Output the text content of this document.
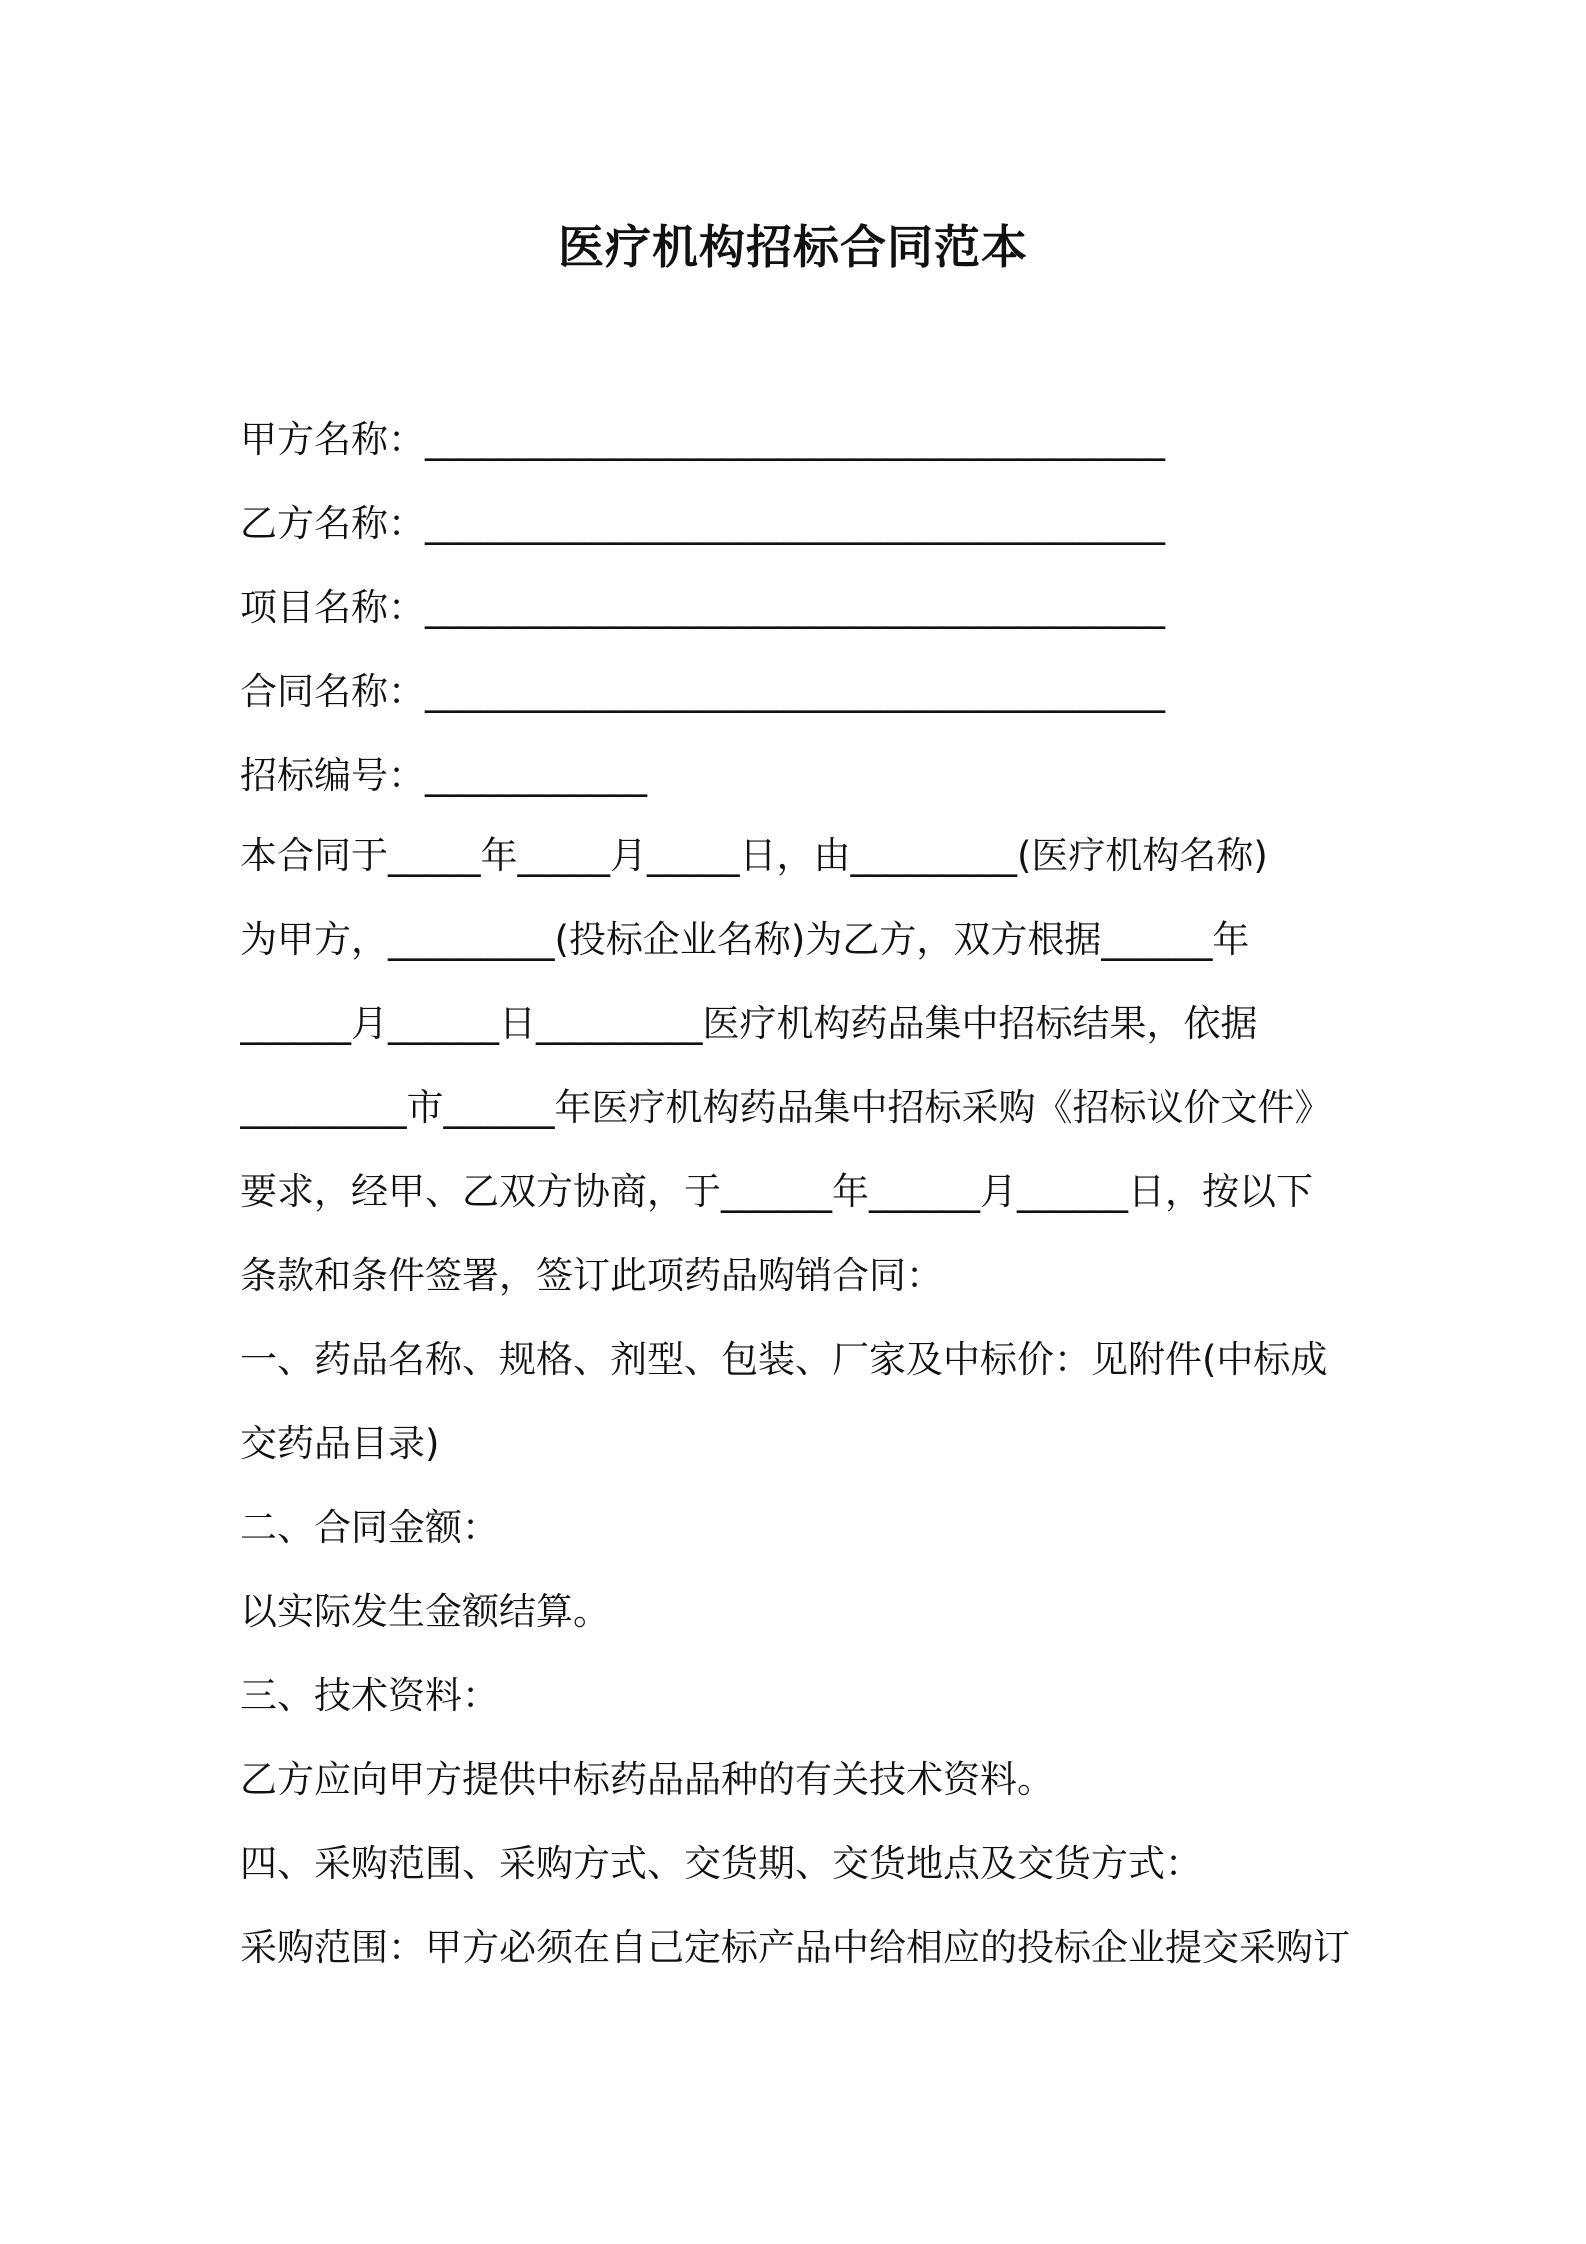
医疗机构招标合同范本
甲方名称：________________________________________
乙方名称：________________________________________
项目名称：________________________________________
合同名称：________________________________________
招标编号：____________
本合同于_____年_____月_____日，由_________(医疗机构名称)
为甲方，_________(投标企业名称)为乙方，双方根据______年
______月______日_________医疗机构药品集中招标结果，依据
_________市______年医疗机构药品集中招标采购《招标议价文件》
要求，经甲、乙双方协商，于______年______月______日，按以下
条款和条件签署，签订此项药品购销合同：
一、药品名称、规格、剂型、包装、厂家及中标价：见附件(中标成
交药品目录)
二、合同金额：
以实际发生金额结算。
三、技术资料：
乙方应向甲方提供中标药品品种的有关技术资料。
四、采购范围、采购方式、交货期、交货地点及交货方式：
采购范围：甲方必须在自己定标产品中给相应的投标企业提交采购订
